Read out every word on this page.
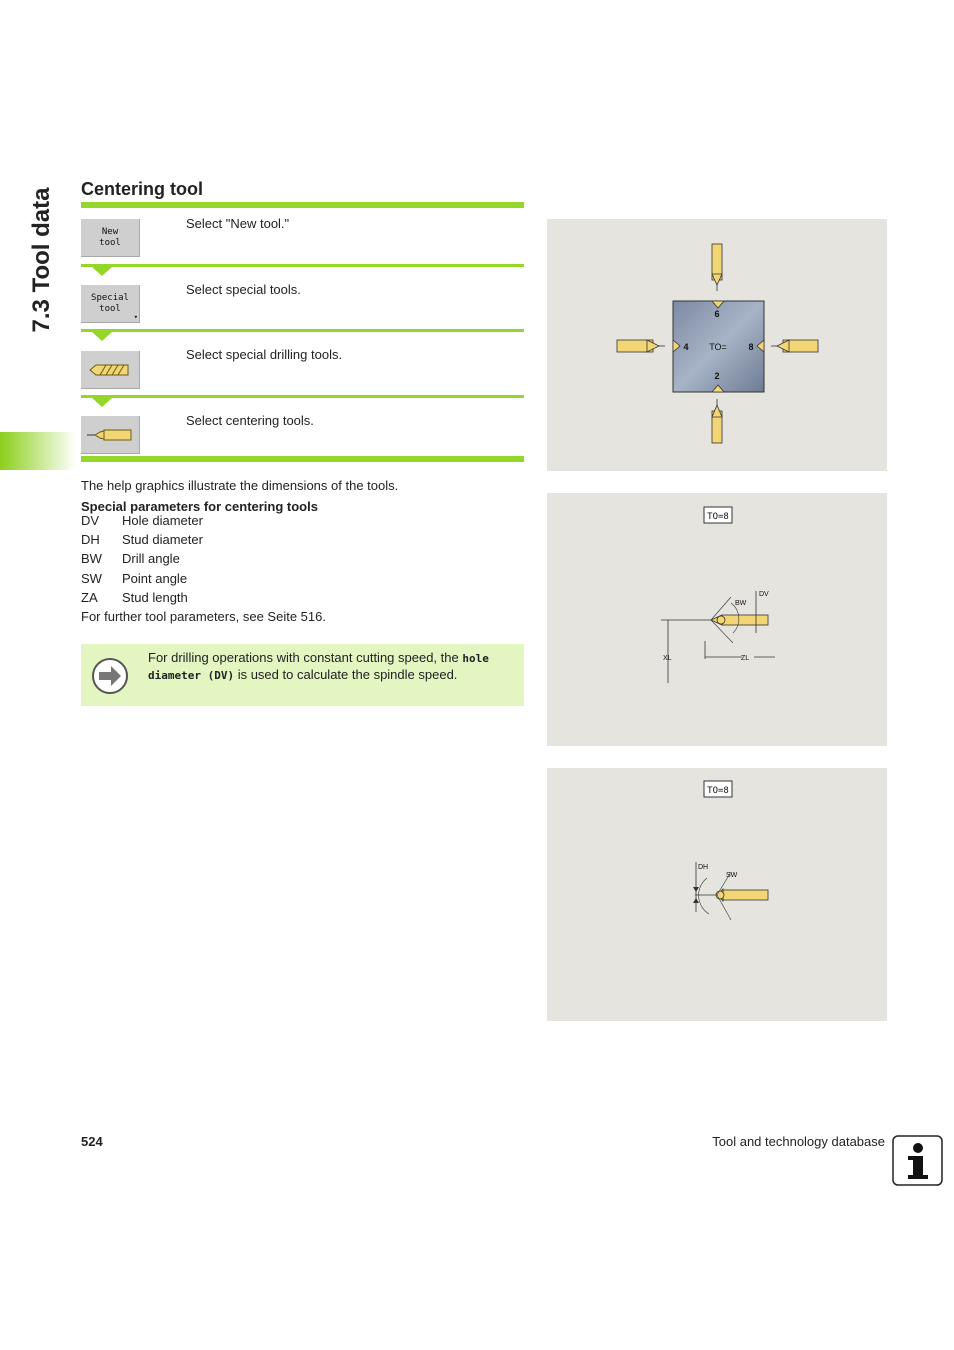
7.3 Tool data Centering tool
New
tool
Select "New tool."
Special
tool
▾
Select special tools.
Select special drilling tools.
Select centering tools.
The help graphics illustrate the dimensions of the tools.
Special parameters for centering tools
DV Hole diameter
DH Stud diameter
BW Drill angle
SW Point angle
ZA Stud length
For further tool parameters, see Seite 516.
For drilling operations with constant cutting speed, the hole diameter (DV) is used to calculate the spindle speed.
6
4 TO= 8
2
TO=8
BW
DV
XL	ZL
TO=8
DH
SW
524	Tool and technology database
